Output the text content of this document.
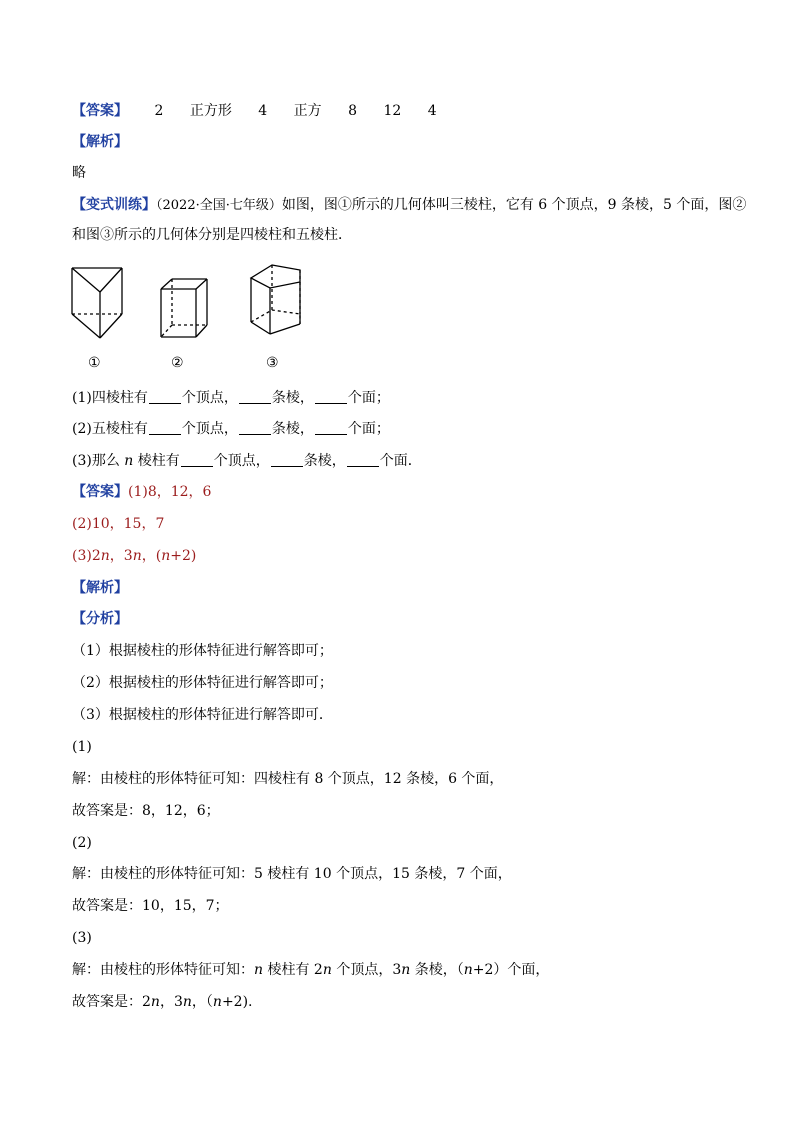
【答案】 2 正方形 4 正方 8 12 4
【解析】
略
【变式训练】（2022·全国·七年级）如图，图①所示的几何体叫三棱柱，它有 6 个顶点，9 条棱，5 个面，图②
和图③所示的几何体分别是四棱柱和五棱柱．
①	②	③
(1)四棱柱有 个顶点， 条棱， 个面；
(2)五棱柱有 个顶点， 条棱， 个面；
(3)那么 n 棱柱有 个顶点， 条棱， 个面．
【答案】(1)8，12，6
(2)10，15，7
(3)2n，3n，(n+2)
【解析】
【分析】
（1）根据棱柱的形体特征进行解答即可；
（2）根据棱柱的形体特征进行解答即可；
（3）根据棱柱的形体特征进行解答即可．
(1)
解：由棱柱的形体特征可知：四棱柱有 8 个顶点，12 条棱，6 个面，
故答案是：8，12，6；
(2)
解：由棱柱的形体特征可知：5 棱柱有 10 个顶点，15 条棱，7 个面，
故答案是：10，15，7；
(3)
解：由棱柱的形体特征可知：n 棱柱有 2n 个顶点，3n 条棱，（n+2）个面，
故答案是：2n，3n，（n+2).
